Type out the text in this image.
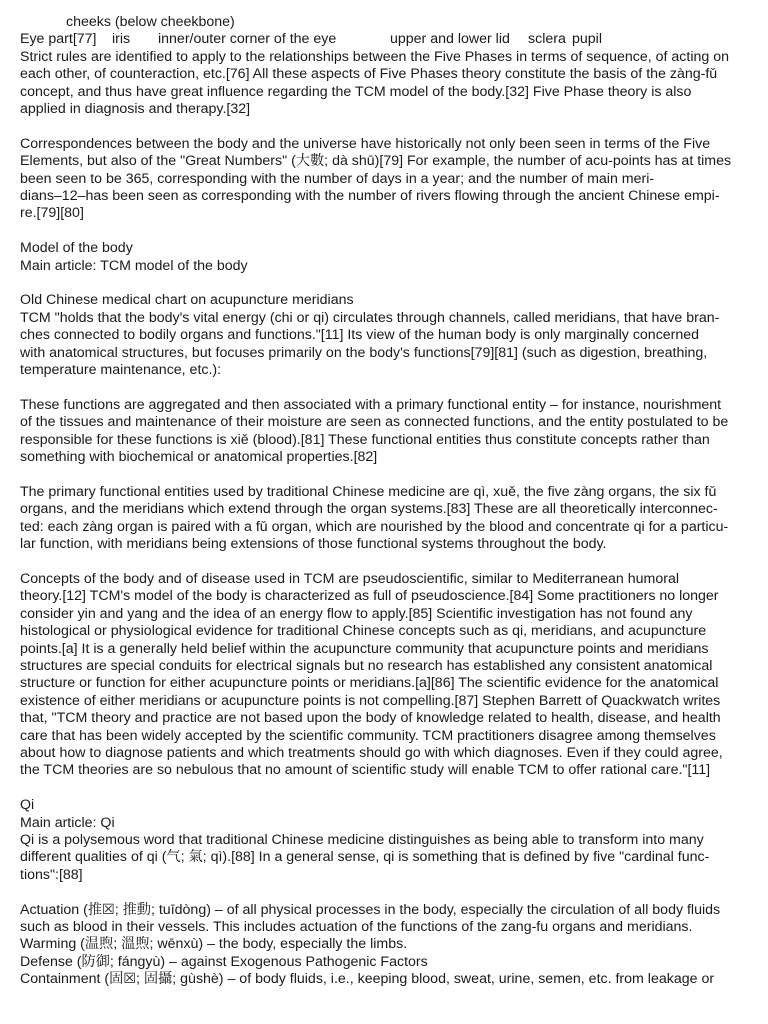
cheeks (below cheekbone)
Eye part[77] iris inner/outer corner of the eye	upper and lower lid sclera pupil
Strict rules are identified to apply to the relationships between the Five Phases in terms of sequence, of acting on
each other, of counteraction, etc.[76] All these aspects of Five Phases theory constitute the basis of the zàng-fǔ
concept, and thus have great influence regarding the TCM model of the body.[32] Five Phase theory is also
applied in diagnosis and therapy.[32]
Correspondences between the body and the universe have historically not only been seen in terms of the Five
Elements, but also of the "Great Numbers" (大數; dà shū)[79] For example, the number of acu-points has at times
been seen to be 365, corresponding with the number of days in a year; and the number of main meri-
dians–12–has been seen as corresponding with the number of rivers flowing through the ancient Chinese empi-
re.[79][80]
Model of the body
Main article: TCM model of the body
Old Chinese medical chart on acupuncture meridians
TCM "holds that the body's vital energy (chi or qi) circulates through channels, called meridians, that have bran-
ches connected to bodily organs and functions."[11] Its view of the human body is only marginally concerned
with anatomical structures, but focuses primarily on the body's functions[79][81] (such as digestion, breathing,
temperature maintenance, etc.):
These functions are aggregated and then associated with a primary functional entity – for instance, nourishment
of the tissues and maintenance of their moisture are seen as connected functions, and the entity postulated to be
responsible for these functions is xiě (blood).[81] These functional entities thus constitute concepts rather than
something with biochemical or anatomical properties.[82]
The primary functional entities used by traditional Chinese medicine are qì, xuě, the five zàng organs, the six fǔ
organs, and the meridians which extend through the organ systems.[83] These are all theoretically interconnec-
ted: each zàng organ is paired with a fǔ organ, which are nourished by the blood and concentrate qi for a particu-
lar function, with meridians being extensions of those functional systems throughout the body.
Concepts of the body and of disease used in TCM are pseudoscientific, similar to Mediterranean humoral
theory.[12] TCM's model of the body is characterized as full of pseudoscience.[84] Some practitioners no longer
consider yin and yang and the idea of an energy flow to apply.[85] Scientific investigation has not found any
histological or physiological evidence for traditional Chinese concepts such as qi, meridians, and acupuncture
points.[a] It is a generally held belief within the acupuncture community that acupuncture points and meridians
structures are special conduits for electrical signals but no research has established any consistent anatomical
structure or function for either acupuncture points or meridians.[a][86] The scientific evidence for the anatomical
existence of either meridians or acupuncture points is not compelling.[87] Stephen Barrett of Quackwatch writes
that, "TCM theory and practice are not based upon the body of knowledge related to health, disease, and health
care that has been widely accepted by the scientific community. TCM practitioners disagree among themselves
about how to diagnose patients and which treatments should go with which diagnoses. Even if they could agree,
the TCM theories are so nebulous that no amount of scientific study will enable TCM to offer rational care."[11]
Qi
Main article: Qi
Qi is a polysemous word that traditional Chinese medicine distinguishes as being able to transform into many
different qualities of qi (气; 氣; qì).[88] In a general sense, qi is something that is defined by five "cardinal func-
tions":[88]
Actuation (推☒; 推動; tuīdòng) – of all physical processes in the body, especially the circulation of all body fluids
such as blood in their vessels. This includes actuation of the functions of the zang-fu organs and meridians.
Warming (温煦; 溫煦; wēnxù) – the body, especially the limbs.
Defense (防御; fángyù) – against Exogenous Pathogenic Factors
Containment (固☒; 固攝; gùshè) – of body fluids, i.e., keeping blood, sweat, urine, semen, etc. from leakage or
